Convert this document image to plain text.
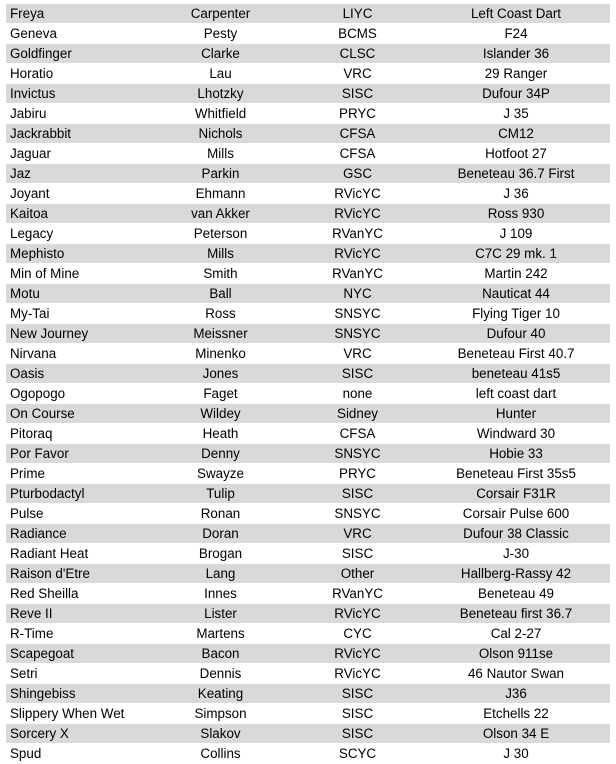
Freya	Carpenter	LIYC	Left Coast Dart
Geneva	Pesty	BCMS	F24
Goldfinger	Clarke	CLSC	Islander 36
Horatio	Lau	VRC	29 Ranger
Invictus	Lhotzky	SISC	Dufour 34P
Jabiru	Whitfield	PRYC	J 35
Jackrabbit	Nichols	CFSA	CM12
Jaguar	Mills	CFSA	Hotfoot 27
Jaz	Parkin	GSC	Beneteau 36.7 First
Joyant	Ehmann	RVicYC	J 36
Kaitoa	van Akker	RVicYC	Ross 930
Legacy	Peterson	RVanYC	J 109
Mephisto	Mills	RVicYC	C7C 29 mk. 1
Min of Mine	Smith	RVanYC	Martin 242
Motu	Ball	NYC	Nauticat 44
My-Tai	Ross	SNSYC	Flying Tiger 10
New Journey	Meissner	SNSYC	Dufour 40
Nirvana	Minenko	VRC	Beneteau First 40.7
Oasis	Jones	SISC	beneteau 41s5
Ogopogo	Faget	none	left coast dart
On Course	Wildey	Sidney	Hunter
Pitoraq	Heath	CFSA	Windward 30
Por Favor	Denny	SNSYC	Hobie 33
Prime	Swayze	PRYC	Beneteau First 35s5
Pturbodactyl	Tulip	SISC	Corsair F31R
Pulse	Ronan	SNSYC	Corsair Pulse 600
Radiance	Doran	VRC	Dufour 38 Classic
Radiant Heat	Brogan	SISC	J-30
Raison d'Etre	Lang	Other	Hallberg-Rassy 42
Red Sheilla	Innes	RVanYC	Beneteau 49
Reve II	Lister	RVicYC	Beneteau first 36.7
R-Time	Martens	CYC	Cal 2-27
Scapegoat	Bacon	RVicYC	Olson 911se
Setri	Dennis	RVicYC	46 Nautor Swan
Shingebiss	Keating	SISC	J36
Slippery When Wet	Simpson	SISC	Etchells 22
Sorcery X	Slakov	SISC	Olson 34 E
Spud	Collins	SCYC	J 30
